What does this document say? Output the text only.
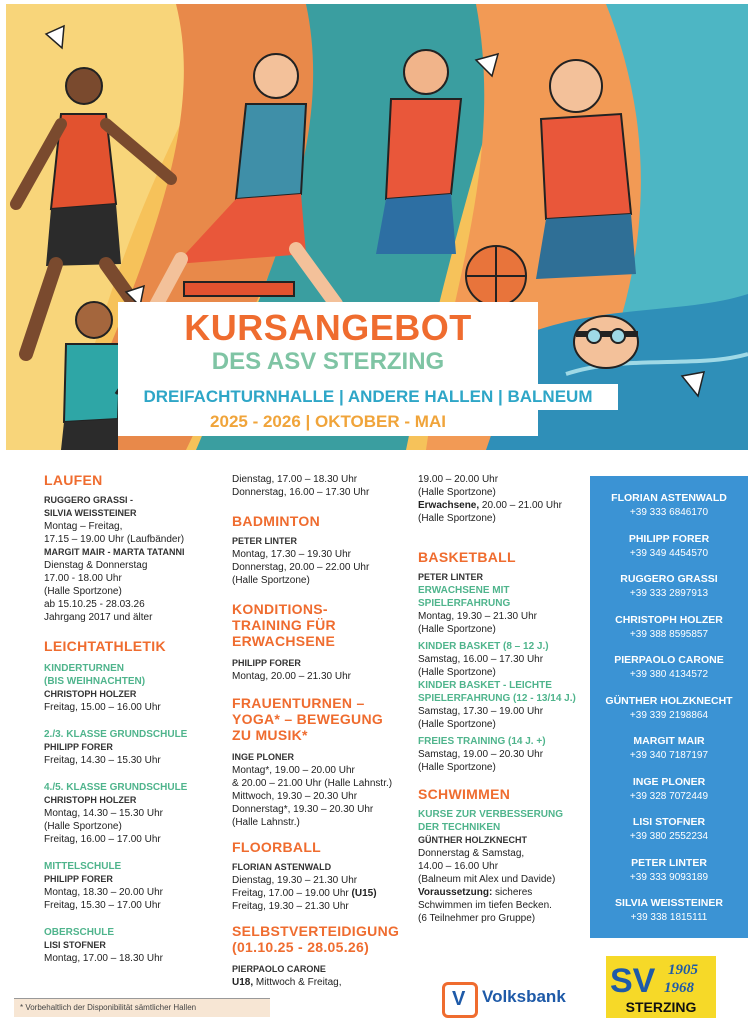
KURSANGEBOT
DES ASV STERZING
DREIFACHTURNHALLE | ANDERE HALLEN | BALNEUM
2025 - 2026 | OKTOBER - MAI
LAUFEN
RUGGERO GRASSI -
SILVIA WEISSTEINER
Montag – Freitag,
17.15 – 19.00 Uhr (Laufbänder)
MARGIT MAIR - MARTA TATANNI
Dienstag & Donnerstag
17.00 - 18.00 Uhr
(Halle Sportzone)
ab 15.10.25 - 28.03.26
Jahrgang 2017 und älter
LEICHTATHLETIK
KINDERTURNEN
(BIS WEIHNACHTEN)
CHRISTOPH HOLZER
Freitag, 15.00 – 16.00 Uhr
2./3. KLASSE GRUNDSCHULE
PHILIPP FORER
Freitag, 14.30 – 15.30 Uhr
4./5. KLASSE GRUNDSCHULE
CHRISTOPH HOLZER
Montag, 14.30 – 15.30 Uhr
(Halle Sportzone)
Freitag, 16.00 – 17.00 Uhr
MITTELSCHULE
PHILIPP FORER
Montag, 18.30 – 20.00 Uhr
Freitag, 15.30 – 17.00 Uhr
OBERSCHULE
LISI STOFNER
Montag, 17.00 – 18.30 Uhr
Dienstag, 17.00 – 18.30 Uhr
Donnerstag, 16.00 – 17.30 Uhr
BADMINTON
PETER LINTER
Montag, 17.30 – 19.30 Uhr
Donnerstag, 20.00 – 22.00 Uhr
(Halle Sportzone)
KONDITIONS-
TRAINING FÜR
ERWACHSENE
PHILIPP FORER
Montag, 20.00 – 21.30 Uhr
FRAUENTURNEN –
YOGA* – BEWEGUNG
ZU MUSIK*
INGE PLONER
Montag*, 19.00 – 20.00 Uhr
& 20.00 – 21.00 Uhr (Halle Lahnstr.)
Mittwoch, 19.30 – 20.30 Uhr
Donnerstag*, 19.30 – 20.30 Uhr
(Halle Lahnstr.)
FLOORBALL
FLORIAN ASTENWALD
Dienstag, 19.30 – 21.30 Uhr
Freitag, 17.00 – 19.00 Uhr (U15)
Freitag, 19.30 – 21.30 Uhr
SELBSTVERTEIDIGUNG
(01.10.25 - 28.05.26)
PIERPAOLO CARONE
U18, Mittwoch & Freitag,
19.00 – 20.00 Uhr
(Halle Sportzone)
Erwachsene, 20.00 – 21.00 Uhr
(Halle Sportzone)
BASKETBALL
PETER LINTER
ERWACHSENE MIT
SPIELERFAHRUNG
Montag, 19.30 – 21.30 Uhr
(Halle Sportzone)
KINDER BASKET (8 – 12 J.)
Samstag, 16.00 – 17.30 Uhr
(Halle Sportzone)
KINDER BASKET - LEICHTE
SPIELERFAHRUNG (12 - 13/14 J.)
Samstag, 17.30 – 19.00 Uhr
(Halle Sportzone)
FREIES TRAINING (14 J. +)
Samstag, 19.00 – 20.30 Uhr
(Halle Sportzone)
SCHWIMMEN
KURSE ZUR VERBESSERUNG
DER TECHNIKEN
GÜNTHER HOLZKNECHT
Donnerstag & Samstag,
14.00 – 16.00 Uhr
(Balneum mit Alex und Davide)
Voraussetzung: sicheres
Schwimmen im tiefen Becken.
(6 Teilnehmer pro Gruppe)
FLORIAN ASTENWALD
+39 333 6846170
PHILIPP FORER
+39 349 4454570
RUGGERO GRASSI
+39 333 2897913
CHRISTOPH HOLZER
+39 388 8595857
PIERPAOLO CARONE
+39 380 4134572
GÜNTHER HOLZKNECHT
+39 339 2198864
MARGIT MAIR
+39 340 7187197
INGE PLONER
+39 328 7072449
LISI STOFNER
+39 380 2552234
PETER LINTER
+39 333 9093189
SILVIA WEISSTEINER
+39 338 1815111
* Vorbehaltlich der Disponibilität sämtlicher Hallen	V Volksbank SV 1905
1968
STERZING
